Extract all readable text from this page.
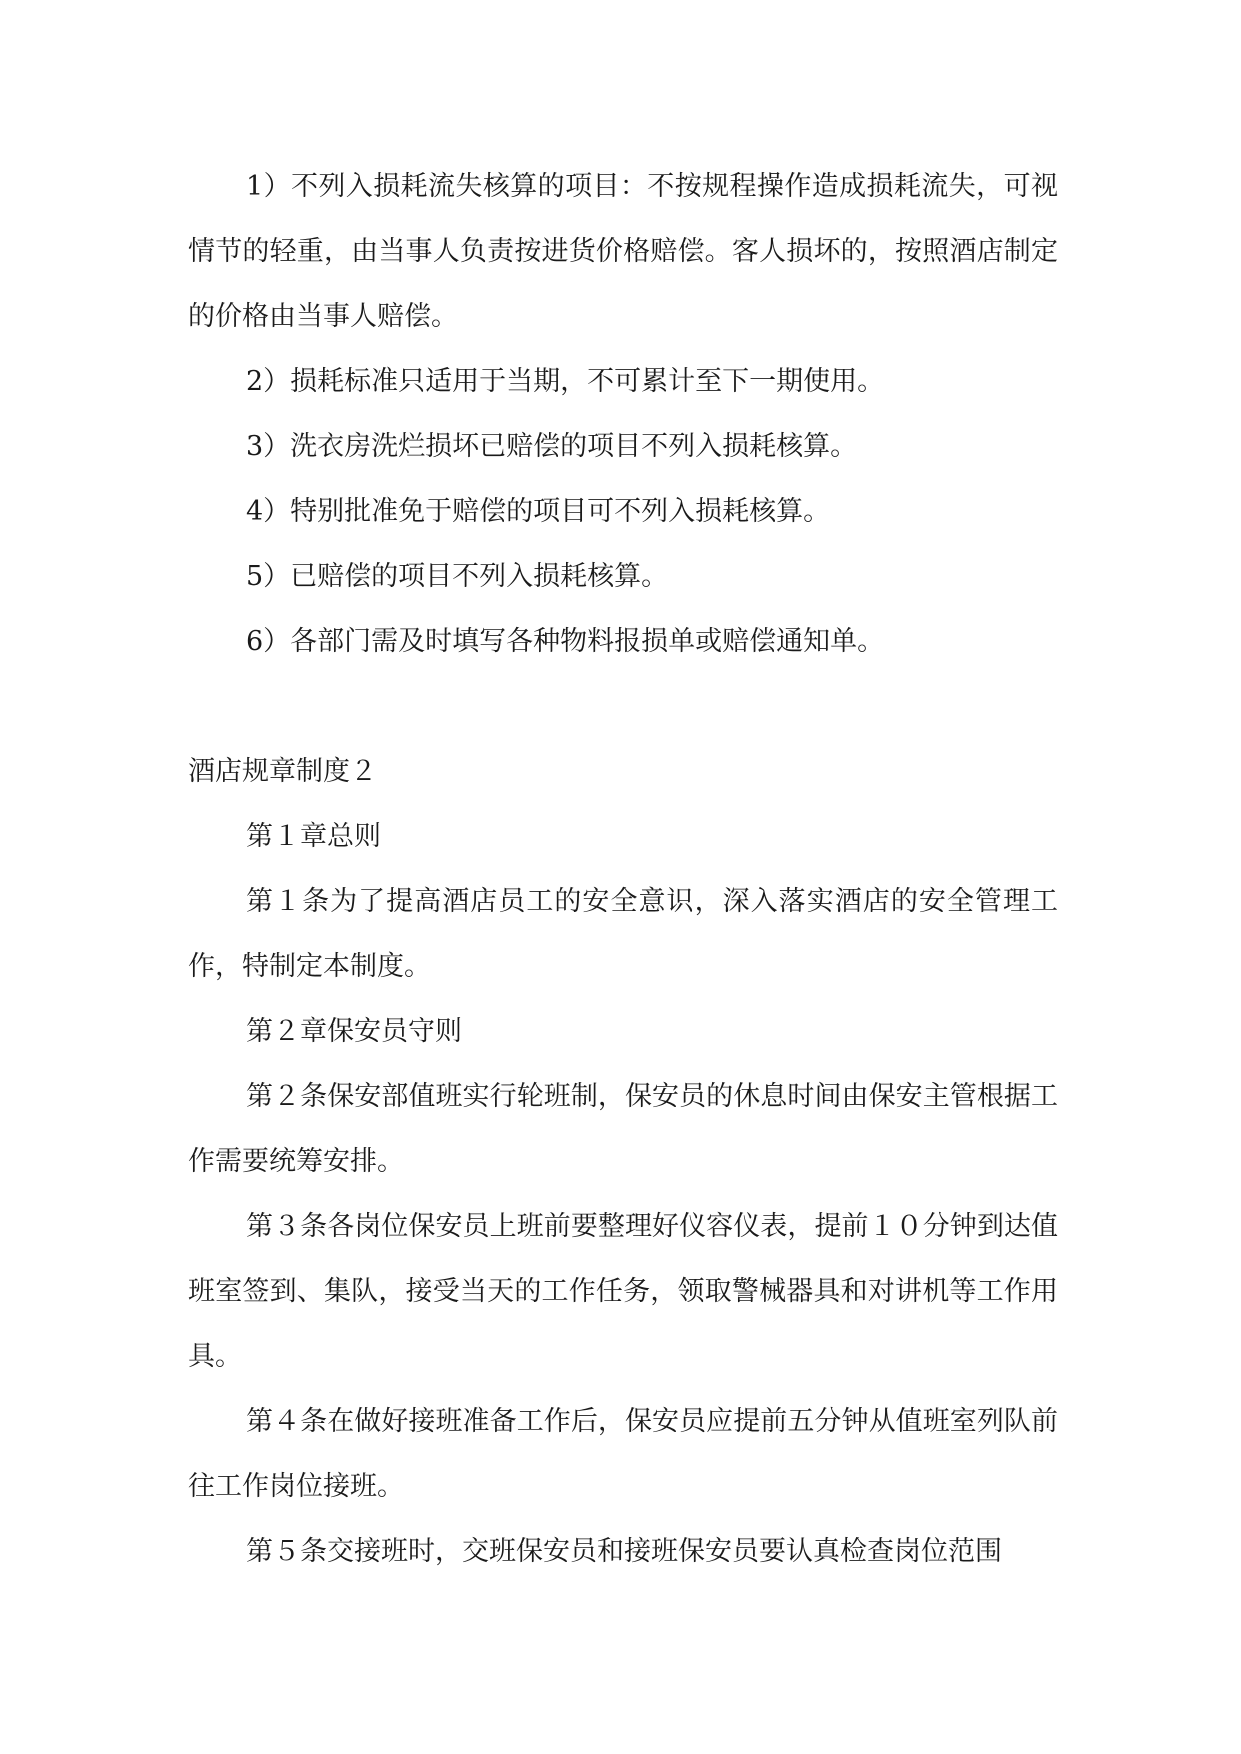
1）不列入损耗流失核算的项目：不按规程操作造成损耗流失，可视情节的轻重，由当事人负责按进货价格赔偿。客人损坏的，按照酒店制定的价格由当事人赔偿。

2）损耗标准只适用于当期，不可累计至下一期使用。

3）洗衣房洗烂损坏已赔偿的项目不列入损耗核算。

4）特别批准免于赔偿的项目可不列入损耗核算。

5）已赔偿的项目不列入损耗核算。

6）各部门需及时填写各种物料报损单或赔偿通知单。

酒店规章制度２

第１章总则

第１条为了提高酒店员工的安全意识，深入落实酒店的安全管理工作，特制定本制度。

第２章保安员守则

第２条保安部值班实行轮班制，保安员的休息时间由保安主管根据工作需要统筹安排。

第３条各岗位保安员上班前要整理好仪容仪表，提前１０分钟到达值班室签到、集队，接受当天的工作任务，领取警械器具和对讲机等工作用具。

第４条在做好接班准备工作后，保安员应提前五分钟从值班室列队前往工作岗位接班。

第５条交接班时，交班保安员和接班保安员要认真检查岗位范围
